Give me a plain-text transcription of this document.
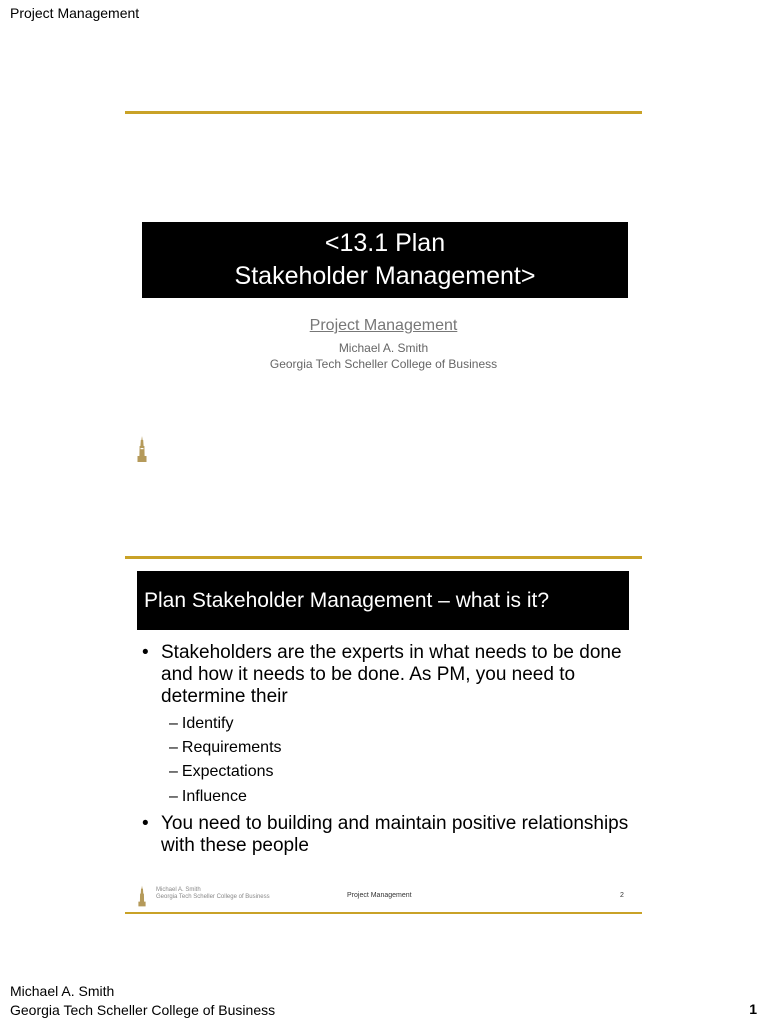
Project Management
<13.1 Plan
Stakeholder Management>
Project Management
Michael A. Smith
Georgia Tech Scheller College of Business
Plan Stakeholder Management – what is it?
• Stakeholders are the experts in what needs to be done and how it needs to be done. As PM, you need to determine their
– Identify
– Requirements
– Expectations
– Influence
• You need to building and maintain positive relationships with these people
Michael A. Smith
Georgia Tech Scheller College of Business	Project Management	2
Michael A. Smith
Georgia Tech Scheller College of Business	1
